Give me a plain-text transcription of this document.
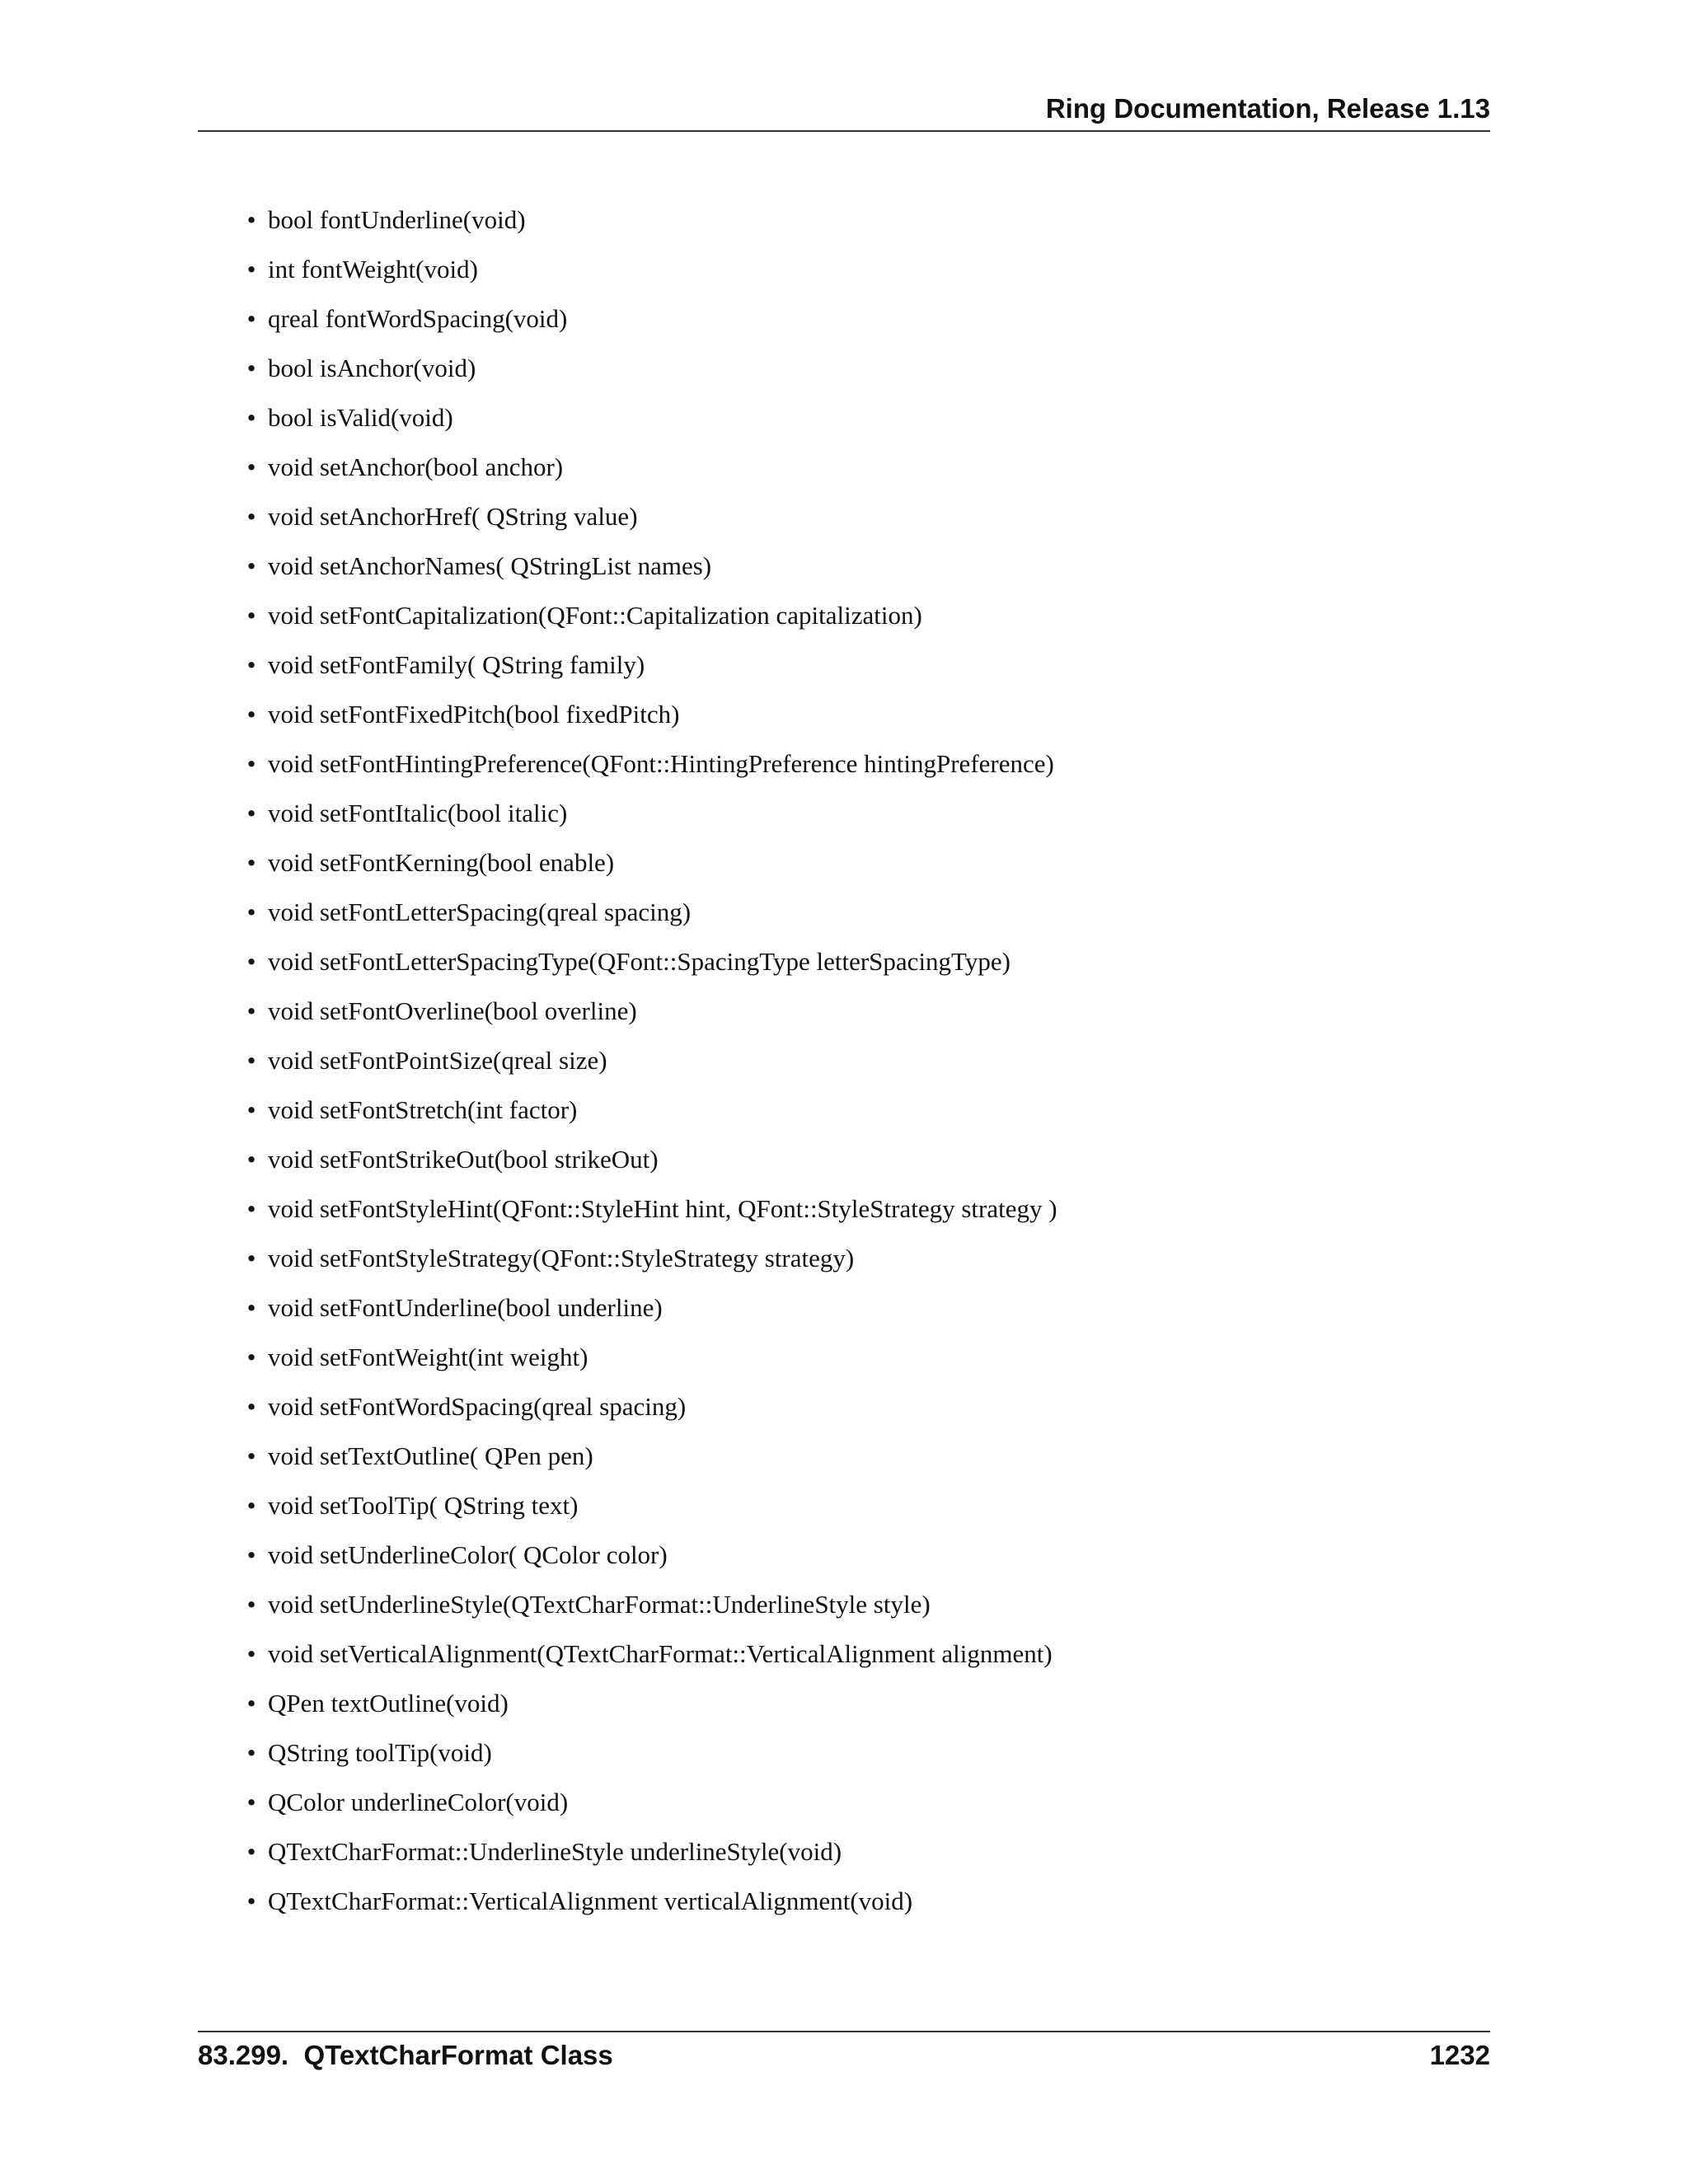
Ring Documentation, Release 1.13
• bool fontUnderline(void)
• int fontWeight(void)
• qreal fontWordSpacing(void)
• bool isAnchor(void)
• bool isValid(void)
• void setAnchor(bool anchor)
• void setAnchorHref( QString value)
• void setAnchorNames( QStringList names)
• void setFontCapitalization(QFont::Capitalization capitalization)
• void setFontFamily( QString family)
• void setFontFixedPitch(bool fixedPitch)
• void setFontHintingPreference(QFont::HintingPreference hintingPreference)
• void setFontItalic(bool italic)
• void setFontKerning(bool enable)
• void setFontLetterSpacing(qreal spacing)
• void setFontLetterSpacingType(QFont::SpacingType letterSpacingType)
• void setFontOverline(bool overline)
• void setFontPointSize(qreal size)
• void setFontStretch(int factor)
• void setFontStrikeOut(bool strikeOut)
• void setFontStyleHint(QFont::StyleHint hint, QFont::StyleStrategy strategy )
• void setFontStyleStrategy(QFont::StyleStrategy strategy)
• void setFontUnderline(bool underline)
• void setFontWeight(int weight)
• void setFontWordSpacing(qreal spacing)
• void setTextOutline( QPen pen)
• void setToolTip( QString text)
• void setUnderlineColor( QColor color)
• void setUnderlineStyle(QTextCharFormat::UnderlineStyle style)
• void setVerticalAlignment(QTextCharFormat::VerticalAlignment alignment)
• QPen textOutline(void)
• QString toolTip(void)
• QColor underlineColor(void)
• QTextCharFormat::UnderlineStyle underlineStyle(void)
• QTextCharFormat::VerticalAlignment verticalAlignment(void)
83.299.  QTextCharFormat Class	1232
